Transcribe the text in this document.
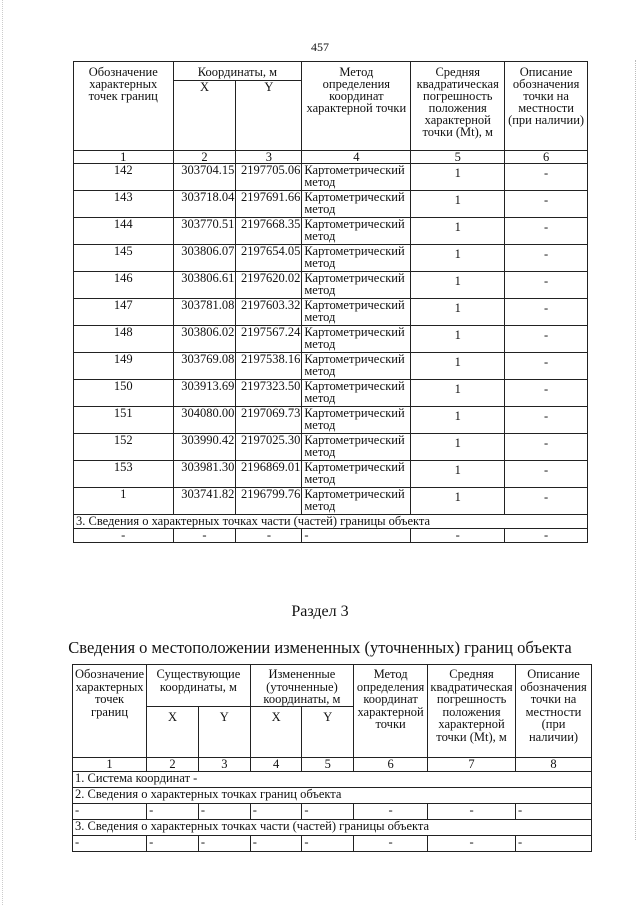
457
Обозначение характерных точек границ	Координаты, м		Метод определения координат характерной точки	Средняя квадратическая погрешность положения характерной точки (Mt), м	Описание обозначения точки на местности (при наличии)
	X	Y			
1	2	3	4	5	6
142	303704.15	2197705.06	Картометрический метод	1	-
143	303718.04	2197691.66	Картометрический метод	1	-
144	303770.51	2197668.35	Картометрический метод	1	-
145	303806.07	2197654.05	Картометрический метод	1	-
146	303806.61	2197620.02	Картометрический метод	1	-
147	303781.08	2197603.32	Картометрический метод	1	-
148	303806.02	2197567.24	Картометрический метод	1	-
149	303769.08	2197538.16	Картометрический метод	1	-
150	303913.69	2197323.50	Картометрический метод	1	-
151	304080.00	2197069.73	Картометрический метод	1	-
152	303990.42	2197025.30	Картометрический метод	1	-
153	303981.30	2196869.01	Картометрический метод	1	-
1	303741.82	2196799.76	Картометрический метод	1	-
3. Сведения о характерных точках части (частей) границы объекта					
-	-	-	-	-	-
Раздел 3
Сведения о местоположении измененных (уточненных) границ объекта
Обозначение характерных точек границ	Существующие координаты, м		Измененные (уточненные) координаты, м		Метод определения координат характерной точки	Средняя квадратическая погрешность положения характерной точки (Mt), м	Описание обозначения точки на местности (при наличии)
	X	Y	X	Y			
1	2	3	4	5	6	7	8
1. Система координат -							
2. Сведения о характерных точках границ объекта							
-	-	-	-	-	-	-	-
3. Сведения о характерных точках части (частей) границы объекта							
-	-	-	-	-	-	-	-
